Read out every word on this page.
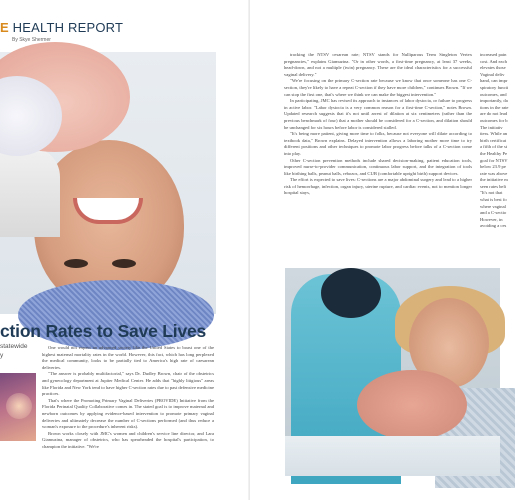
E HEALTH REPORT
By Skye Shermer
ction Rates to Save Lives
statewide
y

One would not expect an advanced society like the United States to boast one of the highest maternal mortality rates in the world. However, this fact, which has long perplexed the medical community, looks to be partially tied to America's high rate of caesarean deliveries.

"The answer is probably multifactorial," says Dr. Dudley Brown, chair of the obstetrics and gynecology department at Jupiter Medical Center. He adds that "highly litigious" areas like Florida and New York tend to have higher C-section rates due to past defensive medicine practices.

That's where the Promoting Primary Vaginal Deliveries (PROVIDE) Initiative from the Florida Perinatal Quality Collaborative comes in. The stated goal is to improve maternal and newborn outcomes by applying evidence-based intervention to promote primary vaginal deliveries and ultimately decrease the number of C-sections performed (and thus reduce a woman's exposure to the procedure's inherent risks).

Brown works closely with JMC's women and children's service line director, and Lara Giamuzina, manager of obstetrics, who has spearheaded the hospital's participation, to champion the initiative. "We're

tracking the NTSV cesarean rate; NTSV stands for Nulliparous Term Singleton Vertex pregnancies," explains Giamuzina. "Or in other words, a first-time pregnancy, at least 37 weeks, head-down, and not a multiple (twin) pregnancy. These are the ideal characteristics for a successful vaginal delivery."

"We're focusing on the primary C-section rate because we know that once someone has one C-section, they're likely to have a repeat C-section if they have more children," continues Brown. "If we can stop the first one, that's where we think we can make the biggest intervention."

In participating, JMC has revised its approach to instances of labor dystocia, or failure to progress in active labor. "Labor dystocia is a very common reason for a first-time C-section," notes Brown. Updated research suggests that it's not until arrest of dilation at six centimeters (rather than the previous benchmark of four) that a mother should be considered for a C-section, and dilation should be unchanged for six hours before labor is considered stalled.

"It's being more patient, giving more time to folks, because not everyone will dilate according to textbook data," Brown explains. Delayed intervention allows a laboring mother more time to try different positions and other techniques to promote labor progress before talks of a C-section come into play.

Other C-section prevention methods include shared decision-making, patient education tools, improved nurse-to-provider communication, continuous labor support, and the integration of tools like birthing balls, peanut balls, rebozos, and CUB (comfortable upright birth) support devices.

The effort is expected to save lives: C-sections are a major abdominal surgery and lead to a higher risk of hemorrhage, infection, organ injury, uterine rupture, and cardiac events, not to mention longer hospital stays,

increased pain

cost. And each

elevates those

Vaginal deliv

hand, can impr

spiratory functi

outcomes, and

importantly, da

tions in the rate

are do not lead

outcomes for b

The initiativ

tiess. While an

birth certificat

a fifth of the st

the Healthy Pe

goal for NTSV

below 23.9 pe

rate was above

the initiative m

seen rates beli

"It's not that

what is best fo

where vaginal

and a C-sectio

However, in

avoiding a ces
